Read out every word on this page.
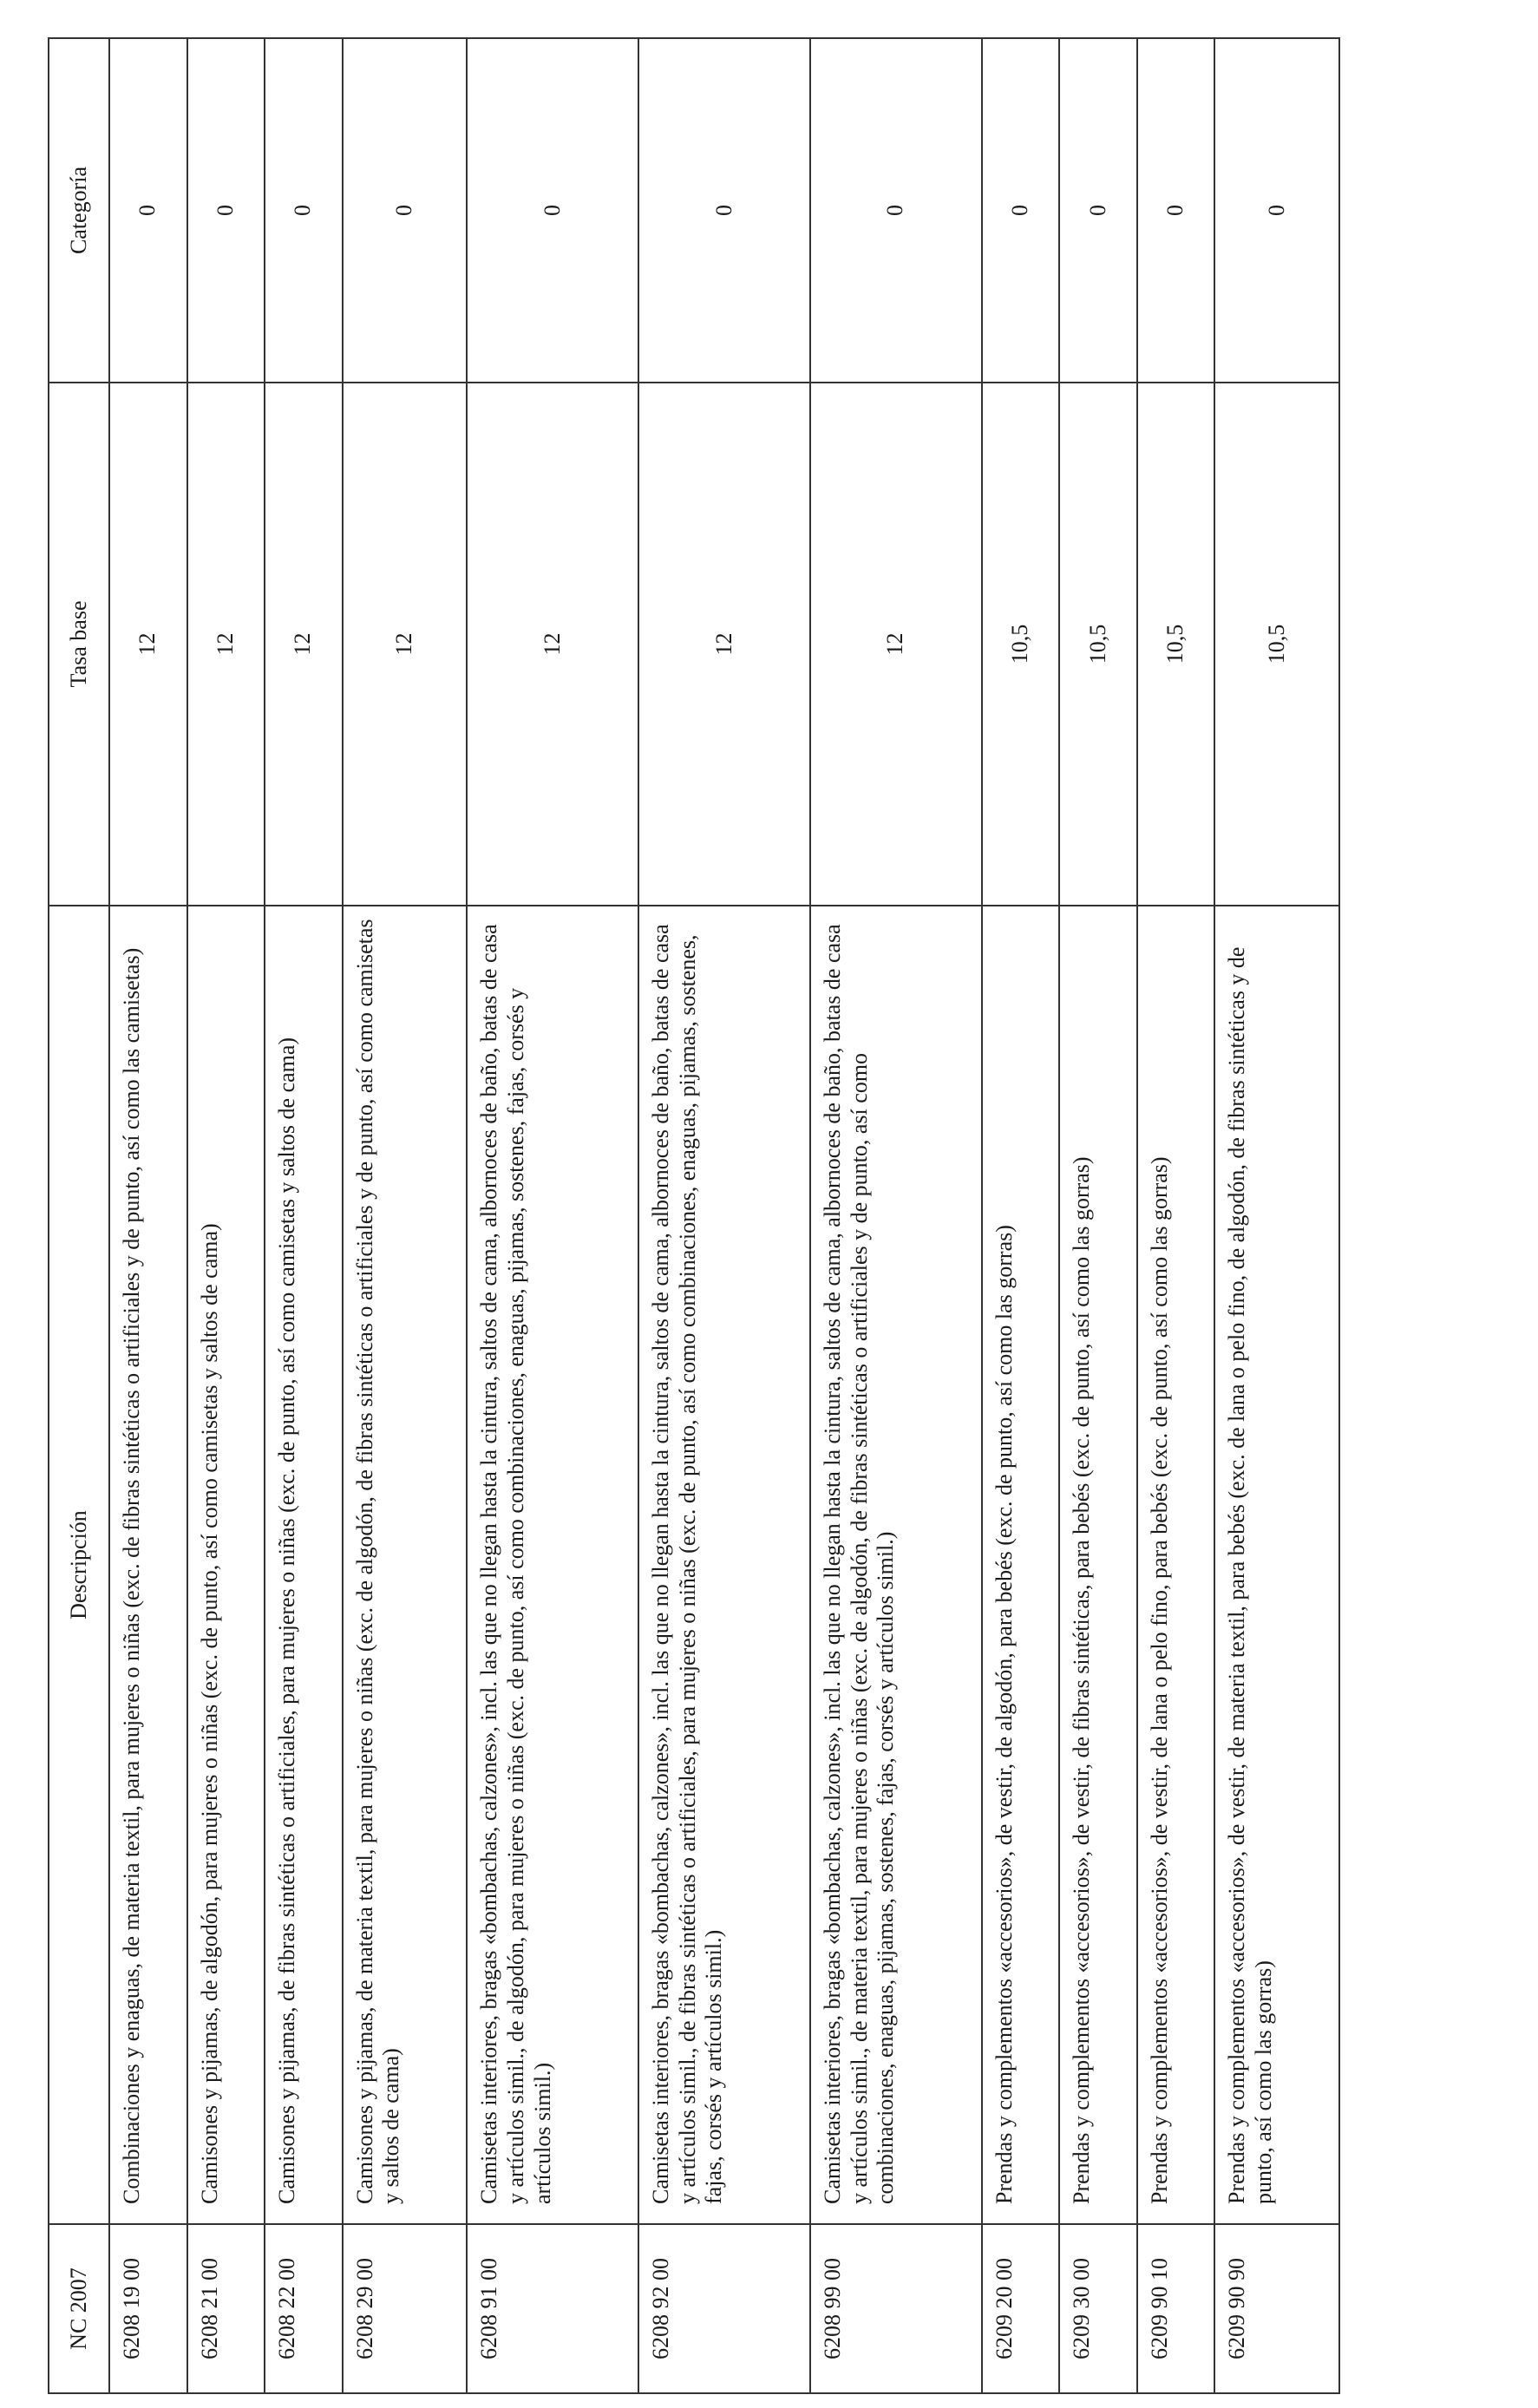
NC 2007	Descripción	Tasa base	Categoría
6208 19 00	Combinaciones y enaguas, de materia textil, para mujeres o niñas (exc. de fibras sintéticas o artificiales y de punto, así como las camisetas)	12	0
6208 21 00	Camisones y pijamas, de algodón, para mujeres o niñas (exc. de punto, así como camisetas y saltos de cama)	12	0
6208 22 00	Camisones y pijamas, de fibras sintéticas o artificiales, para mujeres o niñas (exc. de punto, así como camisetas y saltos de cama)	12	0
6208 29 00	Camisones y pijamas, de materia textil, para mujeres o niñas (exc. de algodón, de fibras sintéticas o artificiales y de punto, así como camisetas y saltos de cama)	12	0
6208 91 00	Camisetas interiores, bragas «bombachas, calzones», incl. las que no llegan hasta la cintura, saltos de cama, albornoces de baño, batas de casa y artículos simil., de algodón, para mujeres o niñas (exc. de punto, así como combinaciones, enaguas, pijamas, sostenes, fajas, corsés y artículos simil.)	12	0
6208 92 00	Camisetas interiores, bragas «bombachas, calzones», incl. las que no llegan hasta la cintura, saltos de cama, albornoces de baño, batas de casa y artículos simil., de fibras sintéticas o artificiales, para mujeres o niñas (exc. de punto, así como combinaciones, enaguas, pijamas, sostenes, fajas, corsés y artículos simil.)	12	0
6208 99 00	Camisetas interiores, bragas «bombachas, calzones», incl. las que no llegan hasta la cintura, saltos de cama, albornoces de baño, batas de casa y artículos simil., de materia textil, para mujeres o niñas (exc. de algodón, de fibras sintéticas o artificiales y de punto, así como combinaciones, enaguas, pijamas, sostenes, fajas, corsés y artículos simil.)	12	0
6209 20 00	Prendas y complementos «accesorios», de vestir, de algodón, para bebés (exc. de punto, así como las gorras)	10,5	0
6209 30 00	Prendas y complementos «accesorios», de vestir, de fibras sintéticas, para bebés (exc. de punto, así como las gorras)	10,5	0
6209 90 10	Prendas y complementos «accesorios», de vestir, de lana o pelo fino, para bebés (exc. de punto, así como las gorras)	10,5	0
6209 90 90	Prendas y complementos «accesorios», de vestir, de materia textil, para bebés (exc. de lana o pelo fino, de algodón, de fibras sintéticas y de punto, así como las gorras)	10,5	0
